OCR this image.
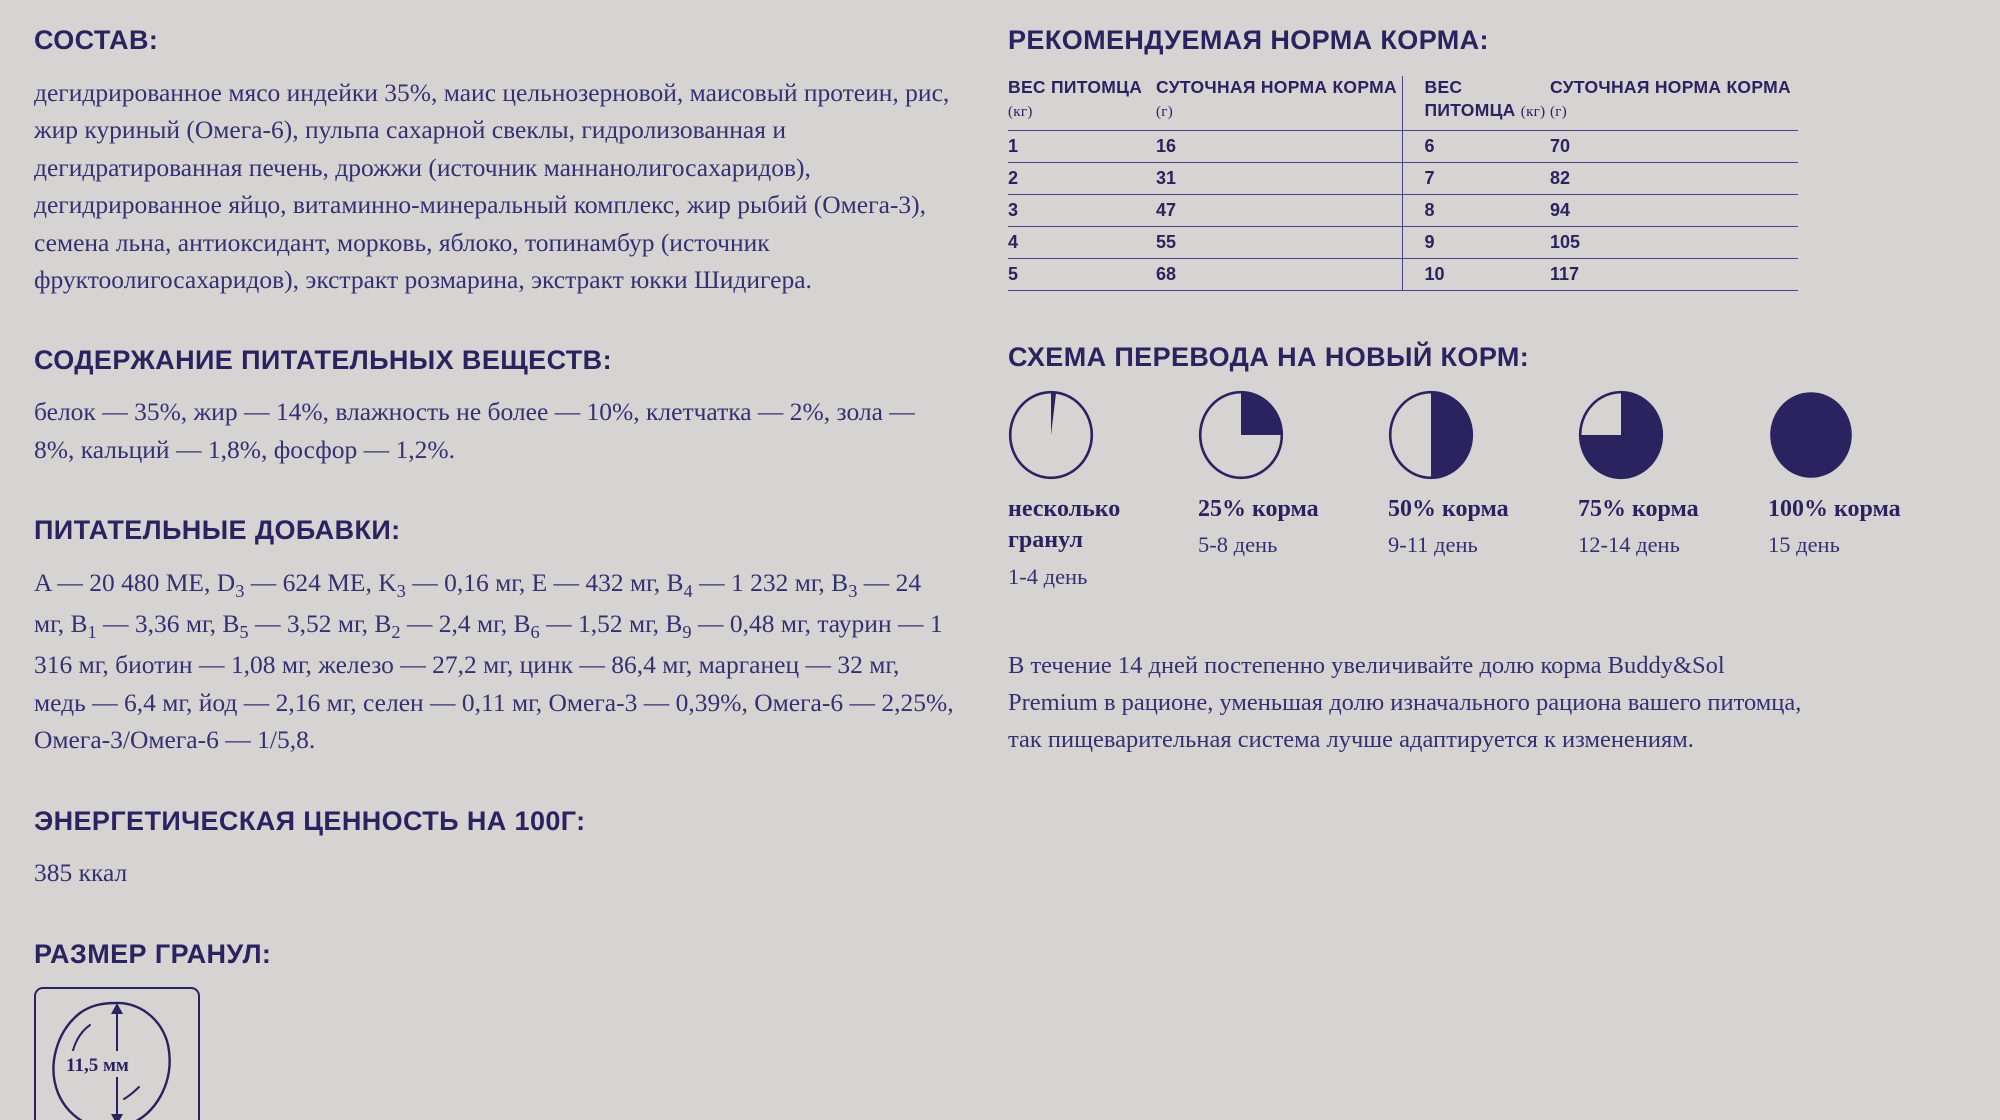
СОСТАВ:
дегидрированное мясо индейки 35%, маис цельнозерновой, маисовый протеин, рис, жир куриный (Омега-6), пульпа сахарной свеклы, гидролизованная и дегидратированная печень, дрожжи (источник маннанолигосахаридов), дегидрированное яйцо, витаминно-минеральный комплекс, жир рыбий (Омега-3), семена льна, антиоксидант, морковь, яблоко, топинамбур (источник фруктоолигосахаридов), экстракт розмарина, экстракт юкки Шидигера.
СОДЕРЖАНИЕ ПИТАТЕЛЬНЫХ ВЕЩЕСТВ:
белок — 35%, жир — 14%, влажность не более — 10%, клетчатка — 2%, зола — 8%, кальций — 1,8%, фосфор — 1,2%.
ПИТАТЕЛЬНЫЕ ДОБАВКИ:
A — 20 480 МЕ, $D_3$ — 624 МЕ, $K_3$ — 0,16 мг, E — 432 мг, $B_4$ — 1 232 мг, $B_3$ — 24 мг, $B_1$ — 3,36 мг, $B_5$ — 3,52 мг, $B_2$ — 2,4 мг, $B_6$ — 1,52 мг, $B_9$ — 0,48 мг, таурин — 1 316 мг, биотин — 1,08 мг, железо — 27,2 мг, цинк — 86,4 мг, марганец — 32 мг, медь — 6,4 мг, йод — 2,16 мг, селен — 0,11 мг, Омега-3 — 0,39%, Омега-6 — 2,25%, Омега-3/Омега-6 — 1/5,8.
ЭНЕРГЕТИЧЕСКАЯ ЦЕННОСТЬ НА 100Г:
385 ккал
РАЗМЕР ГРАНУЛ:
11,5 мм
РЕКОМЕНДУЕМАЯ НОРМА КОРМА:
ВЕС ПИТОМЦА (кг)	СУТОЧНАЯ НОРМА КОРМА (г)	ВЕС ПИТОМЦА (кг)	СУТОЧНАЯ НОРМА КОРМА (г)
1	16	6	70
2	31	7	82
3	47	8	94
4	55	9	105
5	68	10	117
СХЕМА ПЕРЕВОДА НА НОВЫЙ КОРМ:
несколько гранул
1-4 день
25% корма
5-8 день
50% корма
9-11 день
75% корма
12-14 день
100% корма
15 день
В течение 14 дней постепенно увеличивайте долю корма Buddy&Sol Premium в рационе, уменьшая долю изначального рациона вашего питомца, так пищеварительная система лучше адаптируется к изменениям.
